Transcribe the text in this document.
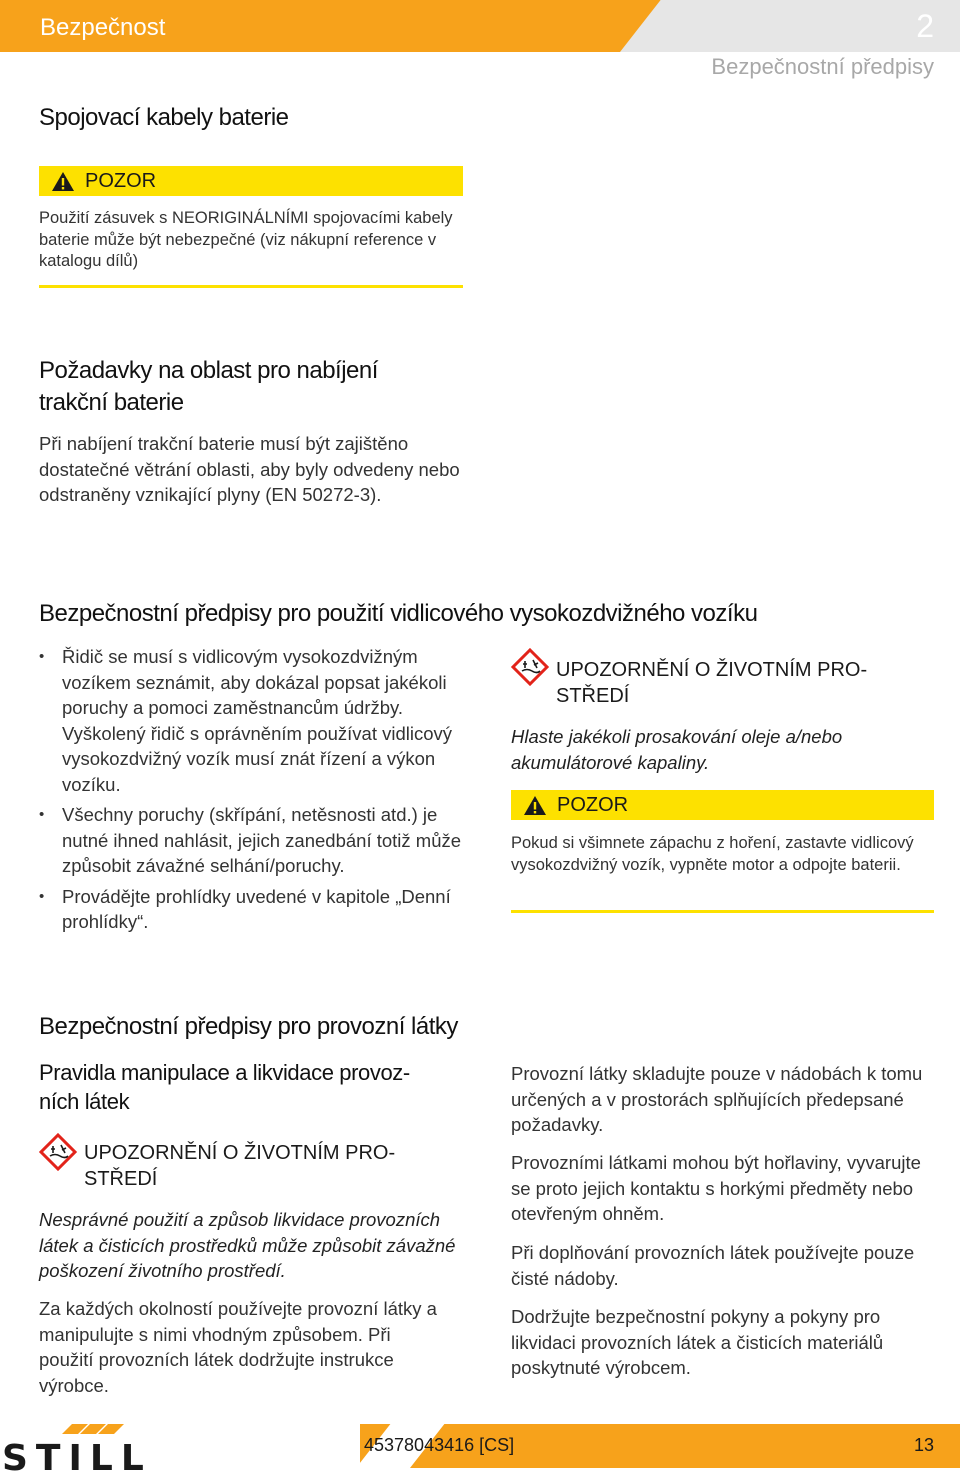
Bezpečnost	2
Bezpečnostní předpisy
Spojovací kabely baterie
POZOR

Použití zásuvek s NEORIGINÁLNÍMI spojovacími kabely baterie může být nebezpečné (viz nákupní reference v katalogu dílů)

Požadavky na oblast pro nabíjení
trakční baterie

Při nabíjení trakční baterie musí být zajištěno dostatečné větrání oblasti, aby byly odvedeny nebo odstraněny vznikající plyny (EN 50272-3).

Bezpečnostní předpisy pro použití vidlicového vysokozdvižného vozíku
• Řidič se musí s vidlicovým vysokozdvižným vozíkem seznámit, aby dokázal popsat jakékoli poruchy a pomoci zaměstnancům údržby. Vyškolený řidič s oprávněním používat vidlicový vysokozdvižný vozík musí znát řízení a výkon vozíku.
• Všechny poruchy (skřípání, netěsnosti atd.) je nutné ihned nahlásit, jejich zanedbání totiž může způsobit závažné selhání/poruchy.
• Provádějte prohlídky uvedené v kapitole „Denní prohlídky“.

UPOZORNĚNÍ O ŽIVOTNÍM PRO-
STŘEDÍ

Hlaste jakékoli prosakování oleje a/nebo akumulátorové kapaliny.

POZOR

Pokud si všimnete zápachu z hoření, zastavte vidlicový vysokozdvižný vozík, vypněte motor a odpojte baterii.

Bezpečnostní předpisy pro provozní látky
Pravidla manipulace a likvidace provoz-
ních látek

UPOZORNĚNÍ O ŽIVOTNÍM PRO-
STŘEDÍ

Nesprávné použití a způsob likvidace provozních látek a čisticích prostředků může způsobit závažné poškození životního prostředí.

Za každých okolností používejte provozní látky a manipulujte s nimi vhodným způsobem. Při použití provozních látek dodržujte instrukce výrobce.

Provozní látky skladujte pouze v nádobách k tomu určených a v prostorách splňujících předepsané požadavky.

Provozními látkami mohou být hořlaviny, vyvarujte se proto jejich kontaktu s horkými předměty nebo otevřeným ohněm.

Při doplňování provozních látek používejte pouze čisté nádoby.

Dodržujte bezpečnostní pokyny a pokyny pro likvidaci provozních látek a čisticích materiálů poskytnuté výrobcem.

STILL	45378043416 [CS]	13
